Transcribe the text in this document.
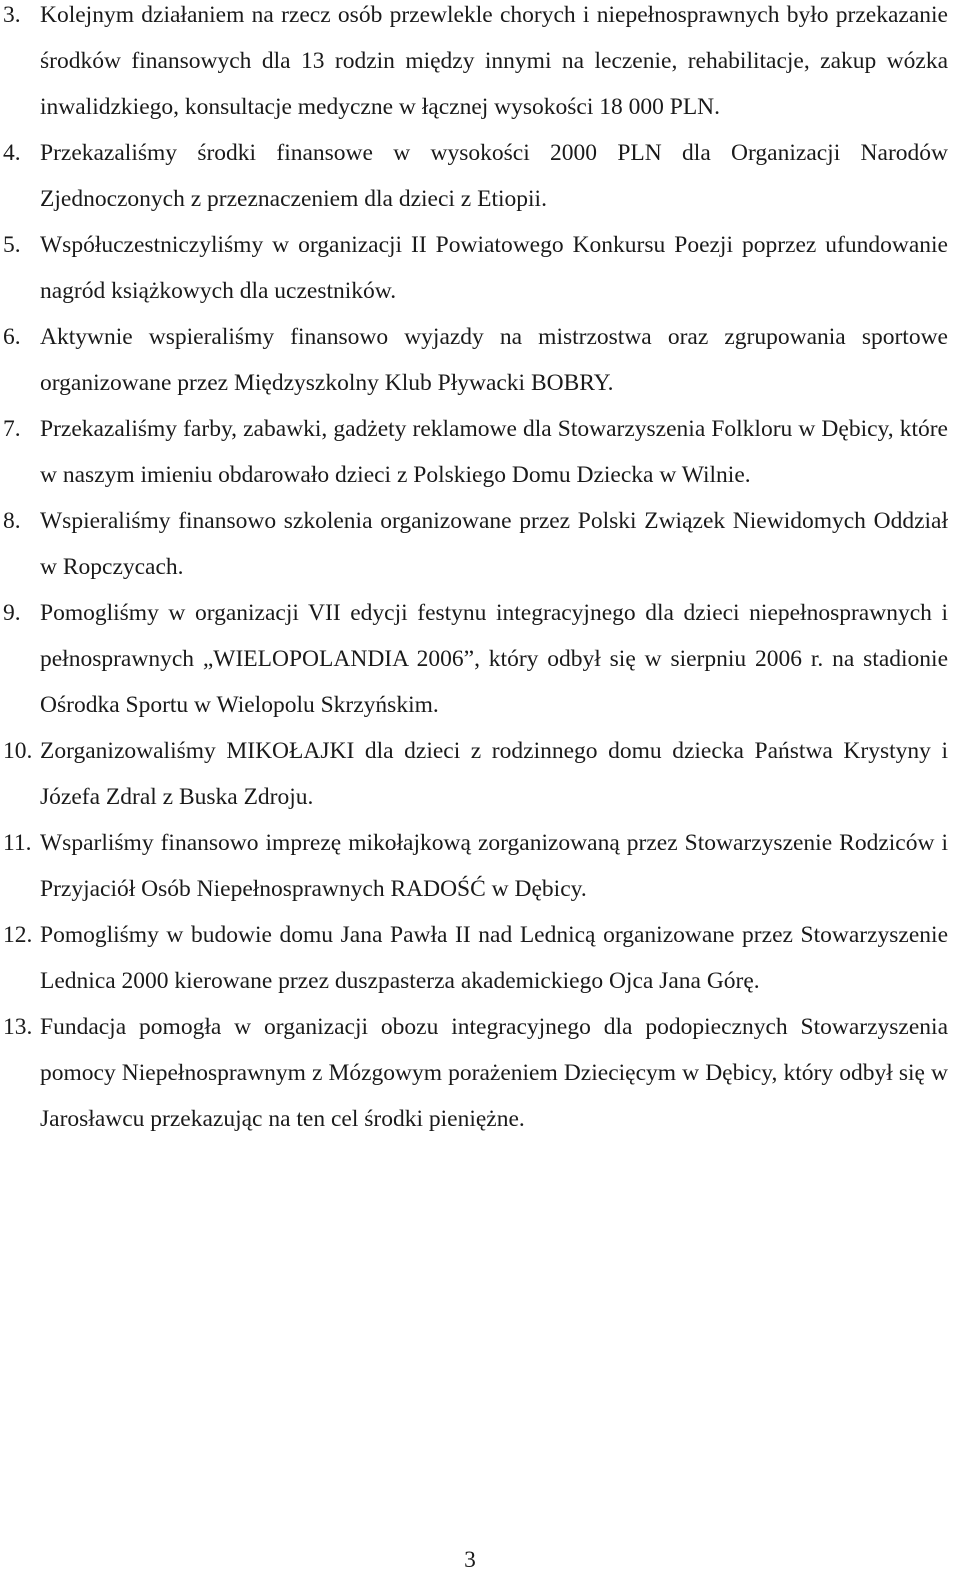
3. Kolejnym działaniem na rzecz osób przewlekle chorych i niepełnosprawnych było przekazanie środków finansowych dla 13 rodzin między innymi na leczenie, rehabilitacje, zakup wózka inwalidzkiego, konsultacje medyczne w łącznej wysokości 18 000 PLN.
4. Przekazaliśmy środki finansowe w wysokości 2000 PLN dla Organizacji Narodów Zjednoczonych z przeznaczeniem dla dzieci z Etiopii.
5. Współuczestniczyliśmy w organizacji II Powiatowego Konkursu Poezji poprzez ufundowanie nagród książkowych dla uczestników.
6. Aktywnie wspieraliśmy finansowo wyjazdy na mistrzostwa oraz zgrupowania sportowe organizowane przez Międzyszkolny Klub Pływacki BOBRY.
7. Przekazaliśmy farby, zabawki, gadżety reklamowe dla Stowarzyszenia Folkloru w Dębicy, które w naszym imieniu obdarowało dzieci z Polskiego Domu Dziecka w Wilnie.
8. Wspieraliśmy finansowo szkolenia organizowane przez Polski Związek Niewidomych Oddział w Ropczycach.
9. Pomogliśmy w organizacji VII edycji festynu integracyjnego dla dzieci niepełnosprawnych i pełnosprawnych „WIELOPOLANDIA 2006”, który odbył się w sierpniu 2006 r. na stadionie Ośrodka Sportu w Wielopolu Skrzyńskim.
10. Zorganizowaliśmy MIKOŁAJKI dla dzieci z rodzinnego domu dziecka Państwa Krystyny i Józefa Zdral z Buska Zdroju.
11. Wsparliśmy finansowo imprezę mikołajkową zorganizowaną przez Stowarzyszenie Rodziców i Przyjaciół Osób Niepełnosprawnych RADOŚĆ w Dębicy.
12. Pomogliśmy w budowie domu Jana Pawła II nad Lednicą organizowane przez Stowarzyszenie Lednica 2000 kierowane przez duszpasterza akademickiego Ojca Jana Górę.
13. Fundacja pomogła w organizacji obozu integracyjnego dla podopiecznych Stowarzyszenia pomocy Niepełnosprawnym z Mózgowym porażeniem Dziecięcym w Dębicy, który odbył się w Jarosławcu przekazując na ten cel środki pieniężne.
3
